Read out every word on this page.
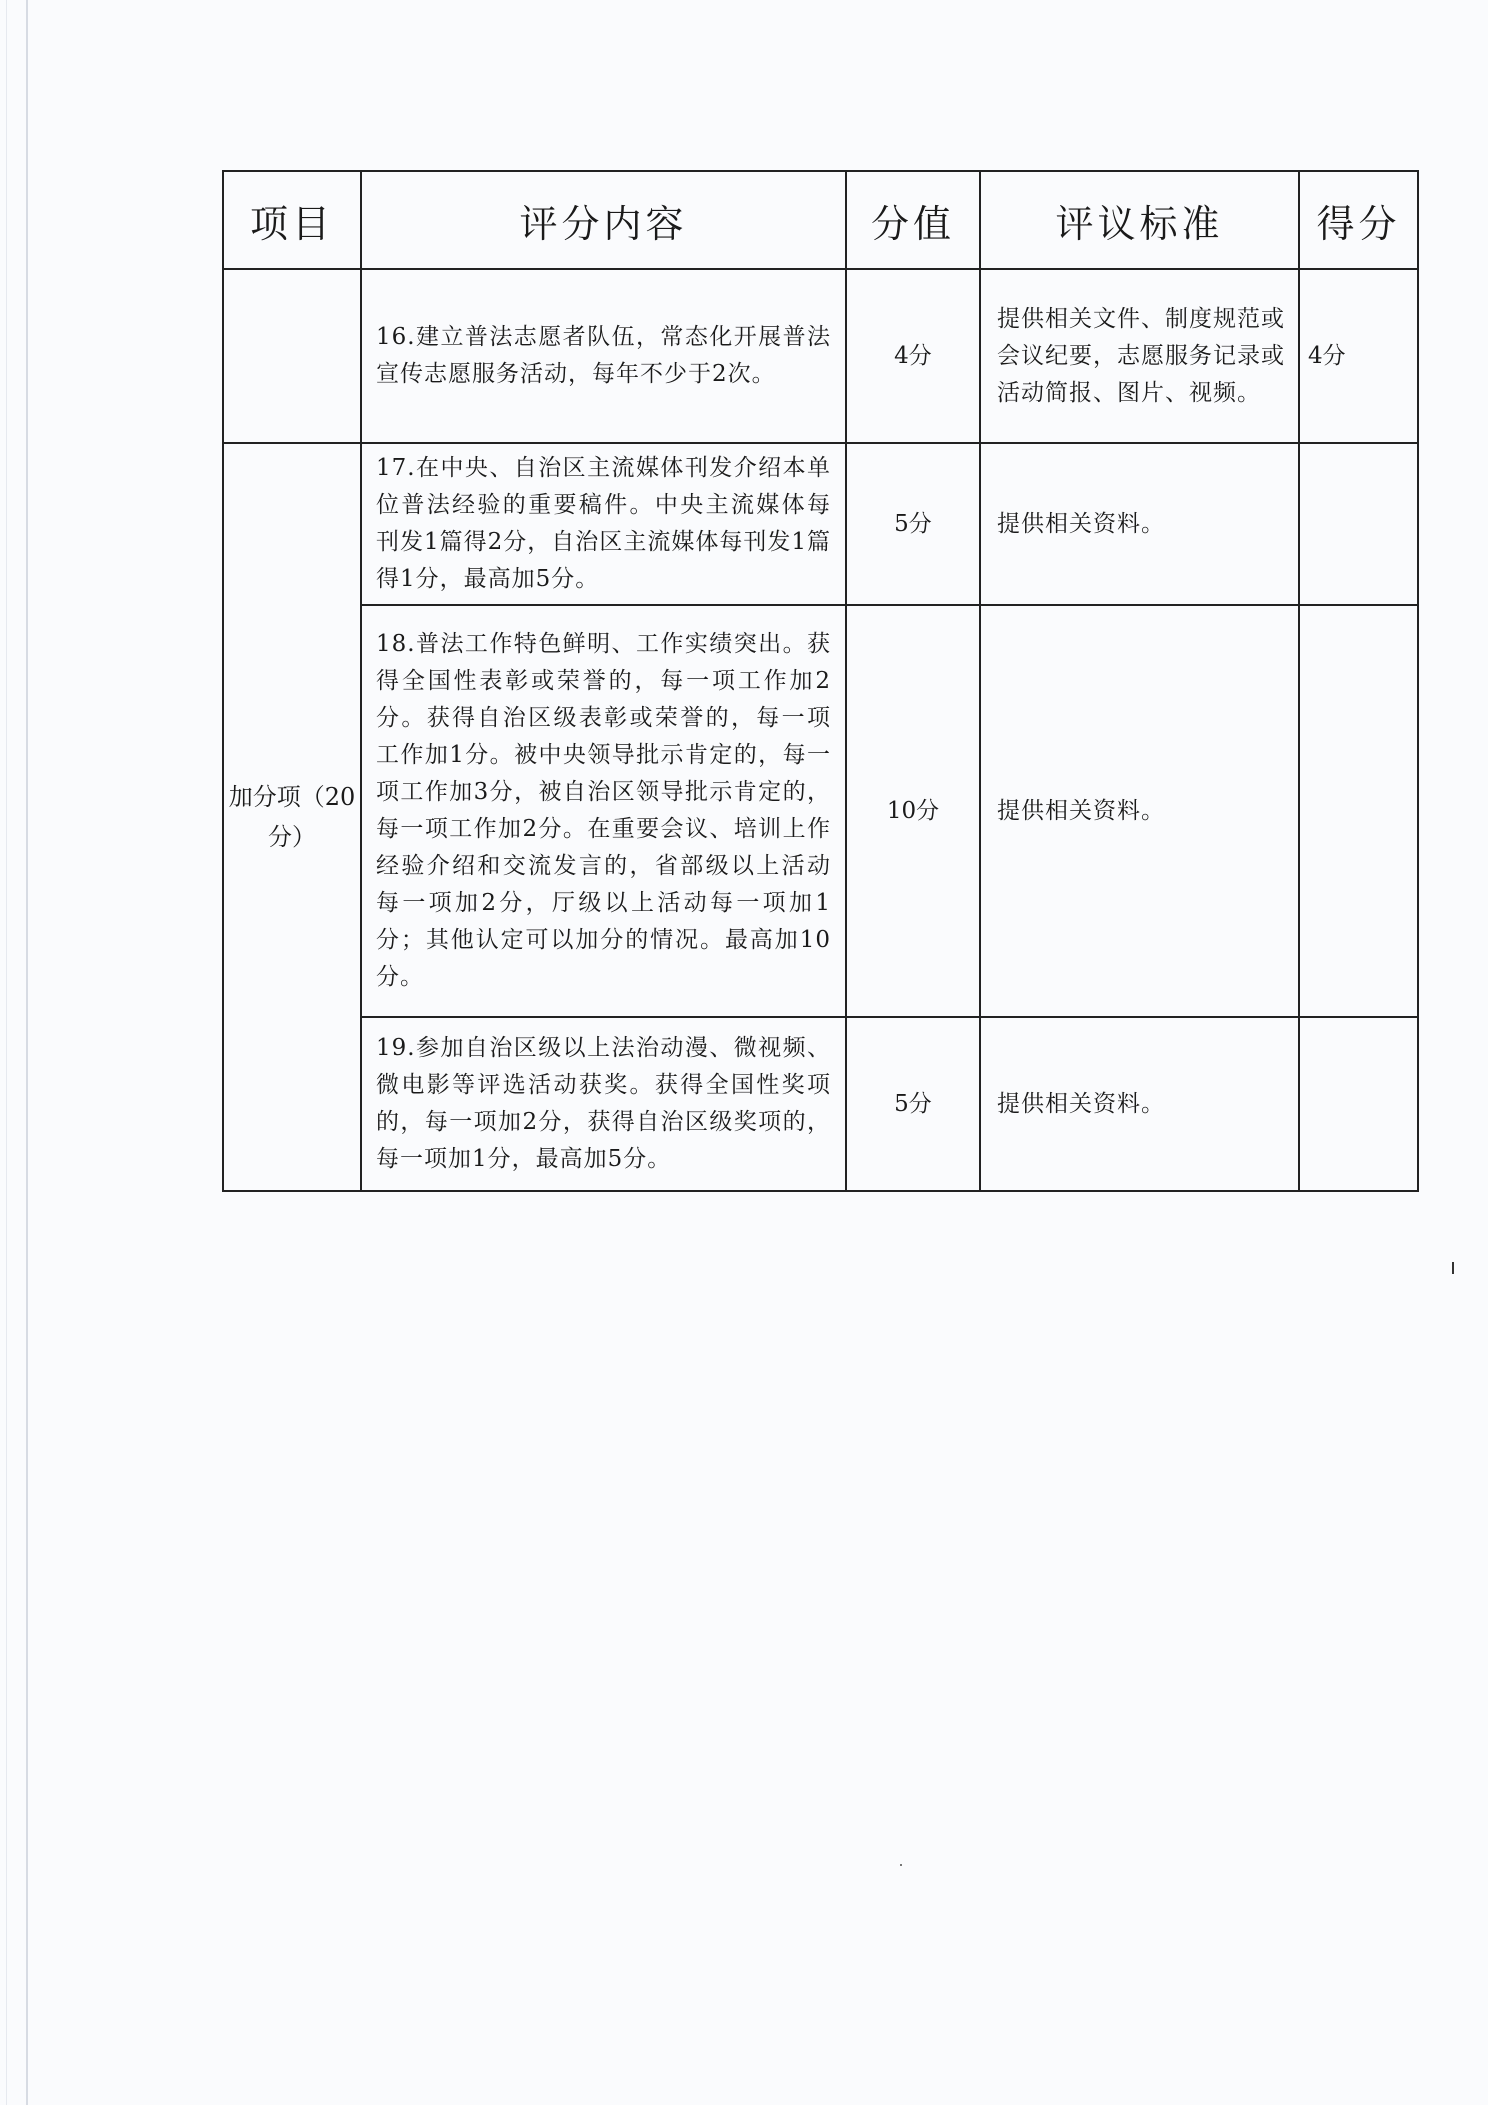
项目	评分内容	分值	评议标准	得分
	16.建立普法志愿者队伍，常态化开展普法宣传志愿服务活动，每年不少于2次。	4分	提供相关文件、制度规范或会议纪要，志愿服务记录或活动简报、图片、视频。	4分
加分项（20分）	17.在中央、自治区主流媒体刊发介绍本单位普法经验的重要稿件。中央主流媒体每刊发1篇得2分，自治区主流媒体每刊发1篇得1分，最高加5分。	5分	提供相关资料。	
	18.普法工作特色鲜明、工作实绩突出。获得全国性表彰或荣誉的，每一项工作加2分。获得自治区级表彰或荣誉的，每一项工作加1分。被中央领导批示肯定的，每一项工作加3分，被自治区领导批示肯定的，每一项工作加2分。在重要会议、培训上作经验介绍和交流发言的，省部级以上活动每一项加2分，厅级以上活动每一项加1分；其他认定可以加分的情况。最高加10分。	10分	提供相关资料。	
	19.参加自治区级以上法治动漫、微视频、微电影等评选活动获奖。获得全国性奖项的，每一项加2分，获得自治区级奖项的，每一项加1分，最高加5分。	5分	提供相关资料。	
